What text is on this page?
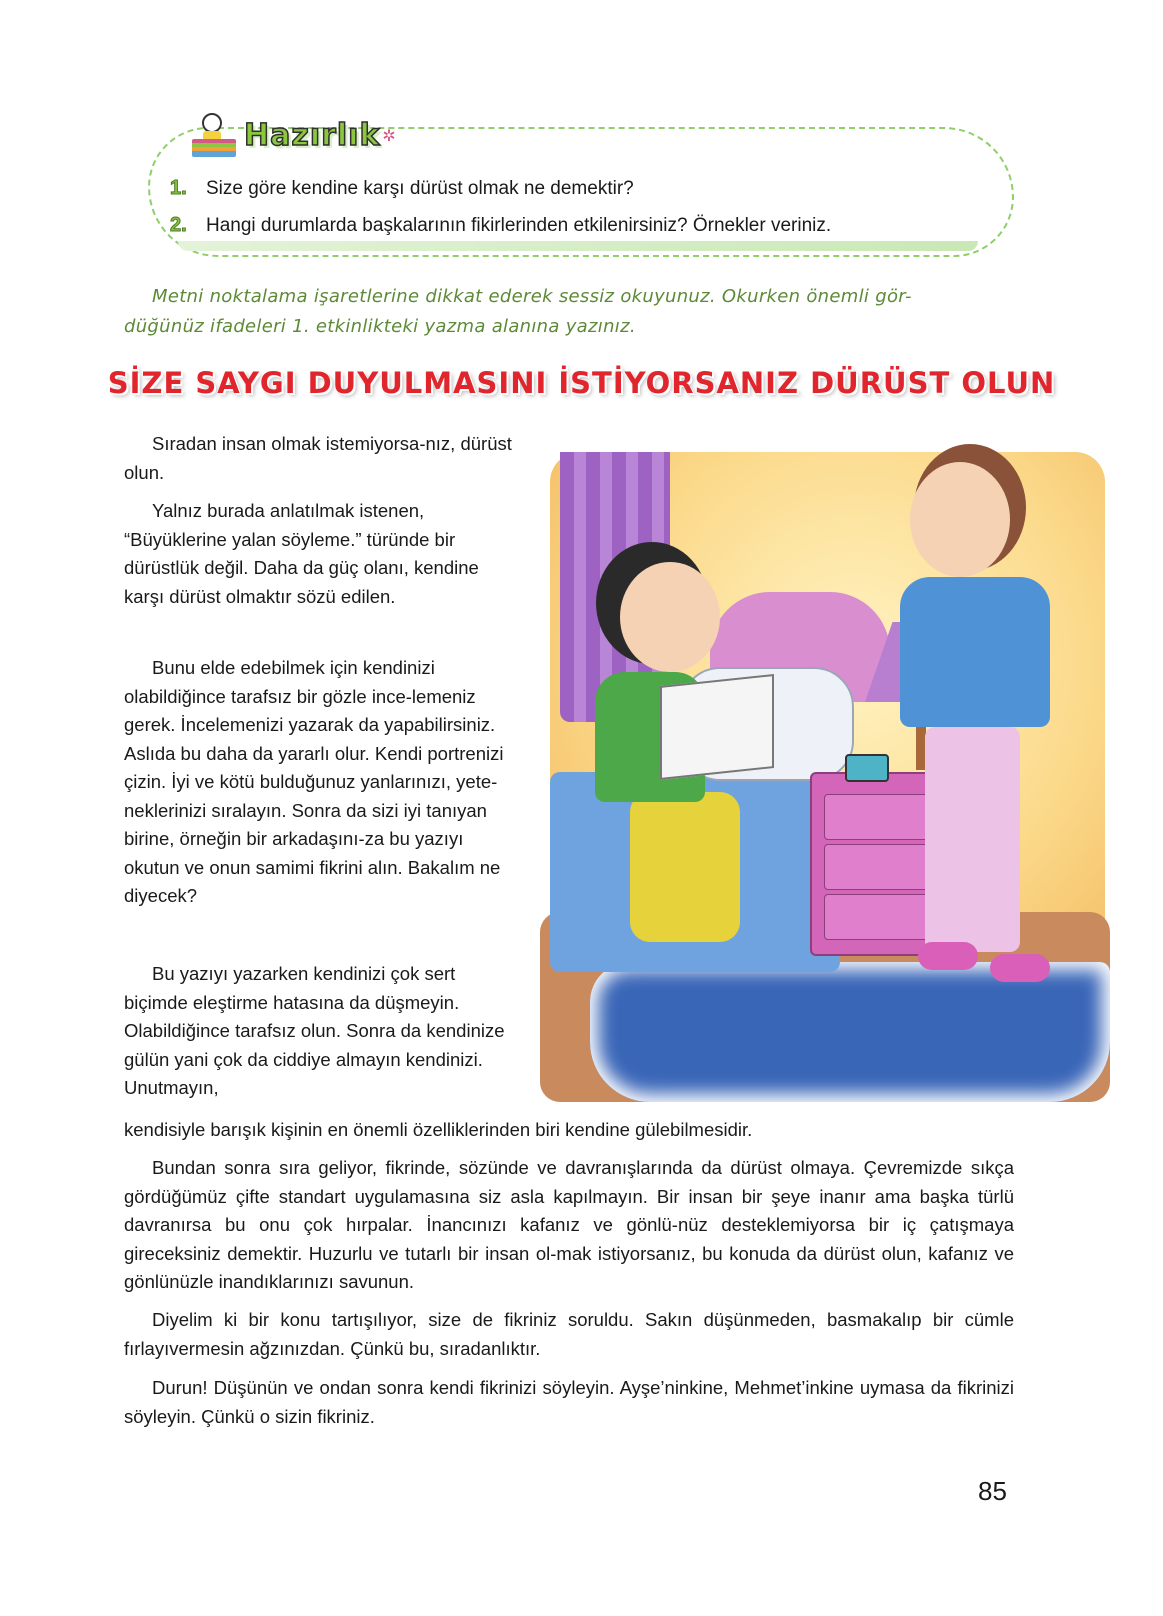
Hazırlık ✲
1.	Size göre kendine karşı dürüst olmak ne demektir?
2.	Hangi durumlarda başkalarının fikirlerinden etkilenirsiniz? Örnekler veriniz.
Metni noktalama işaretlerine dikkat ederek sessiz okuyunuz. Okurken önemli gör-
düğünüz ifadeleri 1. etkinlikteki yazma alanına yazınız.
SİZE SAYGI DUYULMASINI İSTİYORSANIZ DÜRÜST OLUN
Sıradan insan olmak istemiyorsa-nız, dürüst olun.
Yalnız burada anlatılmak istenen, “Büyüklerine yalan söyleme.” türünde bir dürüstlük değil. Daha da güç olanı, kendine karşı dürüst olmaktır sözü edilen.
Bunu elde edebilmek için kendinizi olabildiğince tarafsız bir gözle ince-lemeniz gerek. İncelemenizi yazarak da yapabilirsiniz. Aslıda bu daha da yararlı olur. Kendi portrenizi çizin. İyi ve kötü bulduğunuz yanlarınızı, yete-neklerinizi sıralayın. Sonra da sizi iyi tanıyan birine, örneğin bir arkadaşını-za bu yazıyı okutun ve onun samimi fikrini alın. Bakalım ne diyecek?
Bu yazıyı yazarken kendinizi çok sert biçimde eleştirme hatasına da düşmeyin. Olabildiğince tarafsız olun. Sonra da kendinize gülün yani çok da ciddiye almayın kendinizi. Unutmayın,
kendisiyle barışık kişinin en önemli özelliklerinden biri kendine gülebilmesidir.
Bundan sonra sıra geliyor, fikrinde, sözünde ve davranışlarında da dürüst olmaya. Çevremizde sıkça gördüğümüz çifte standart uygulamasına siz asla kapılmayın. Bir insan bir şeye inanır ama başka türlü davranırsa bu onu çok hırpalar. İnancınızı kafanız ve gönlü-nüz desteklemiyorsa bir iç çatışmaya gireceksiniz demektir. Huzurlu ve tutarlı bir insan ol-mak istiyorsanız, bu konuda da dürüst olun, kafanız ve gönlünüzle inandıklarınızı savunun.
Diyelim ki bir konu tartışılıyor, size de fikriniz soruldu. Sakın düşünmeden, basmakalıp bir cümle fırlayıvermesin ağzınızdan. Çünkü bu, sıradanlıktır.
Durun! Düşünün ve ondan sonra kendi fikrinizi söyleyin. Ayşe’ninkine, Mehmet’inkine uymasa da fikrinizi söyleyin. Çünkü o sizin fikriniz.
85
